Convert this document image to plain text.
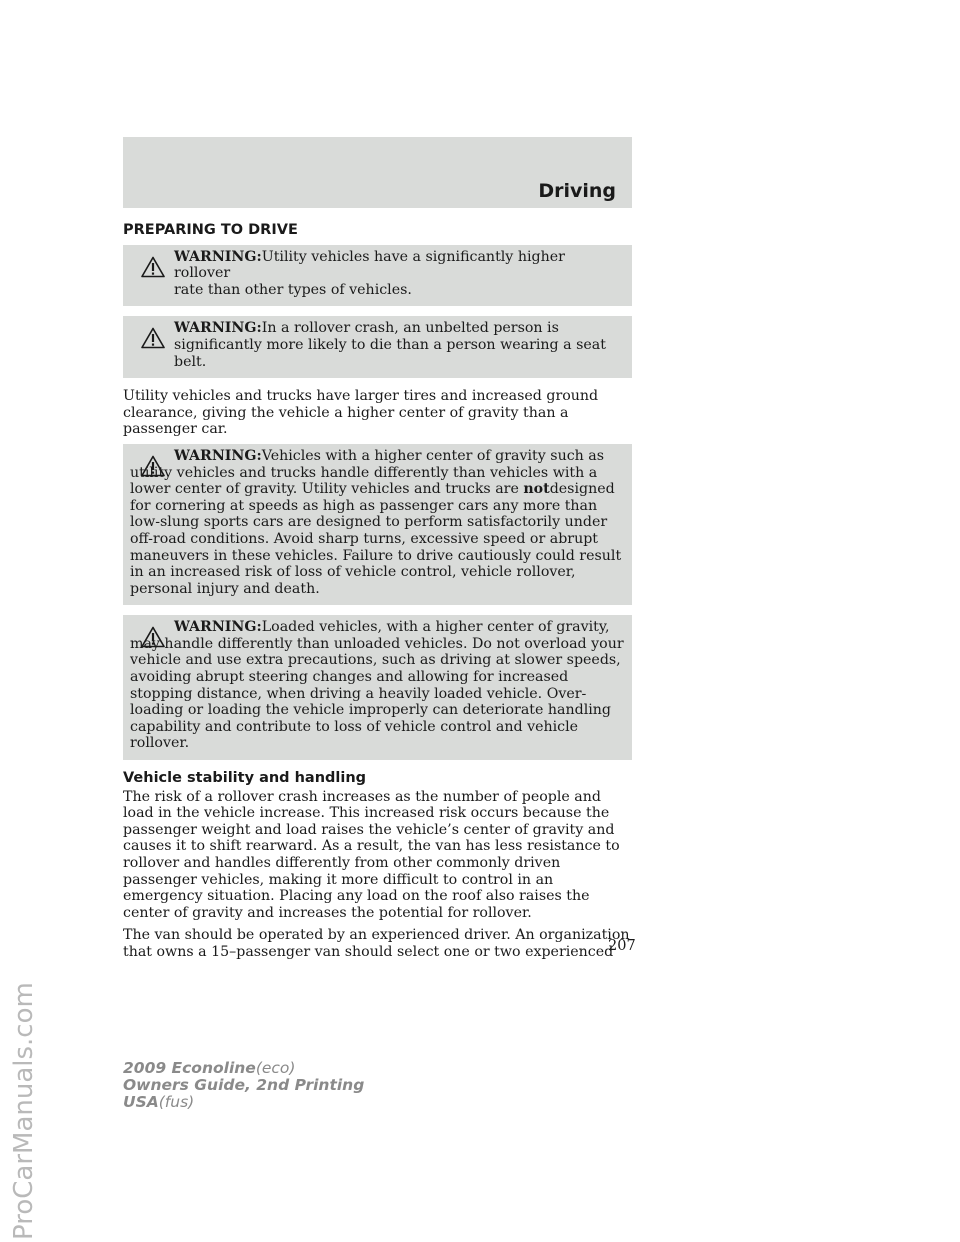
Driving
PREPARING TO DRIVE
WARNING:Utility vehicles have a significantly higher rollover
rate than other types of vehicles.
WARNING:In a rollover crash, an unbelted person is
significantly more likely to die than a person wearing a seat belt.

Utility vehicles and trucks have larger tires and increased ground clearance, giving the vehicle a higher center of gravity than a passenger car.

WARNING:Vehicles with a higher center of gravity such as utility vehicles and trucks handle differently than vehicles with a lower center of gravity. Utility vehicles and trucks are notdesigned for cornering at speeds as high as passenger cars any more than low-slung sports cars are designed to perform satisfactorily under off-road conditions. Avoid sharp turns, excessive speed or abrupt maneuvers in these vehicles. Failure to drive cautiously could result in an increased risk of loss of vehicle control, vehicle rollover, personal injury and death.
WARNING:Loaded vehicles, with a higher center of gravity, may handle differently than unloaded vehicles. Do not overload your vehicle and use extra precautions, such as driving at slower speeds, avoiding abrupt steering changes and allowing for increased stopping distance, when driving a heavily loaded vehicle. Over-loading or loading the vehicle improperly can deteriorate handling capability and contribute to loss of vehicle control and vehicle rollover.
Vehicle stability and handling

The risk of a rollover crash increases as the number of people and load in the vehicle increase. This increased risk occurs because the passenger weight and load raises the vehicle’s center of gravity and causes it to shift rearward. As a result, the van has less resistance to rollover and handles differently from other commonly driven passenger vehicles, making it more difficult to control in an emergency situation. Placing any load on the roof also raises the center of gravity and increases the potential for rollover.

The van should be operated by an experienced driver. An organization that owns a 15–passenger van should select one or two experienced

207
2009 Econoline(eco)
Owners Guide, 2nd Printing
USA(fus)
ProCarManuals.com
